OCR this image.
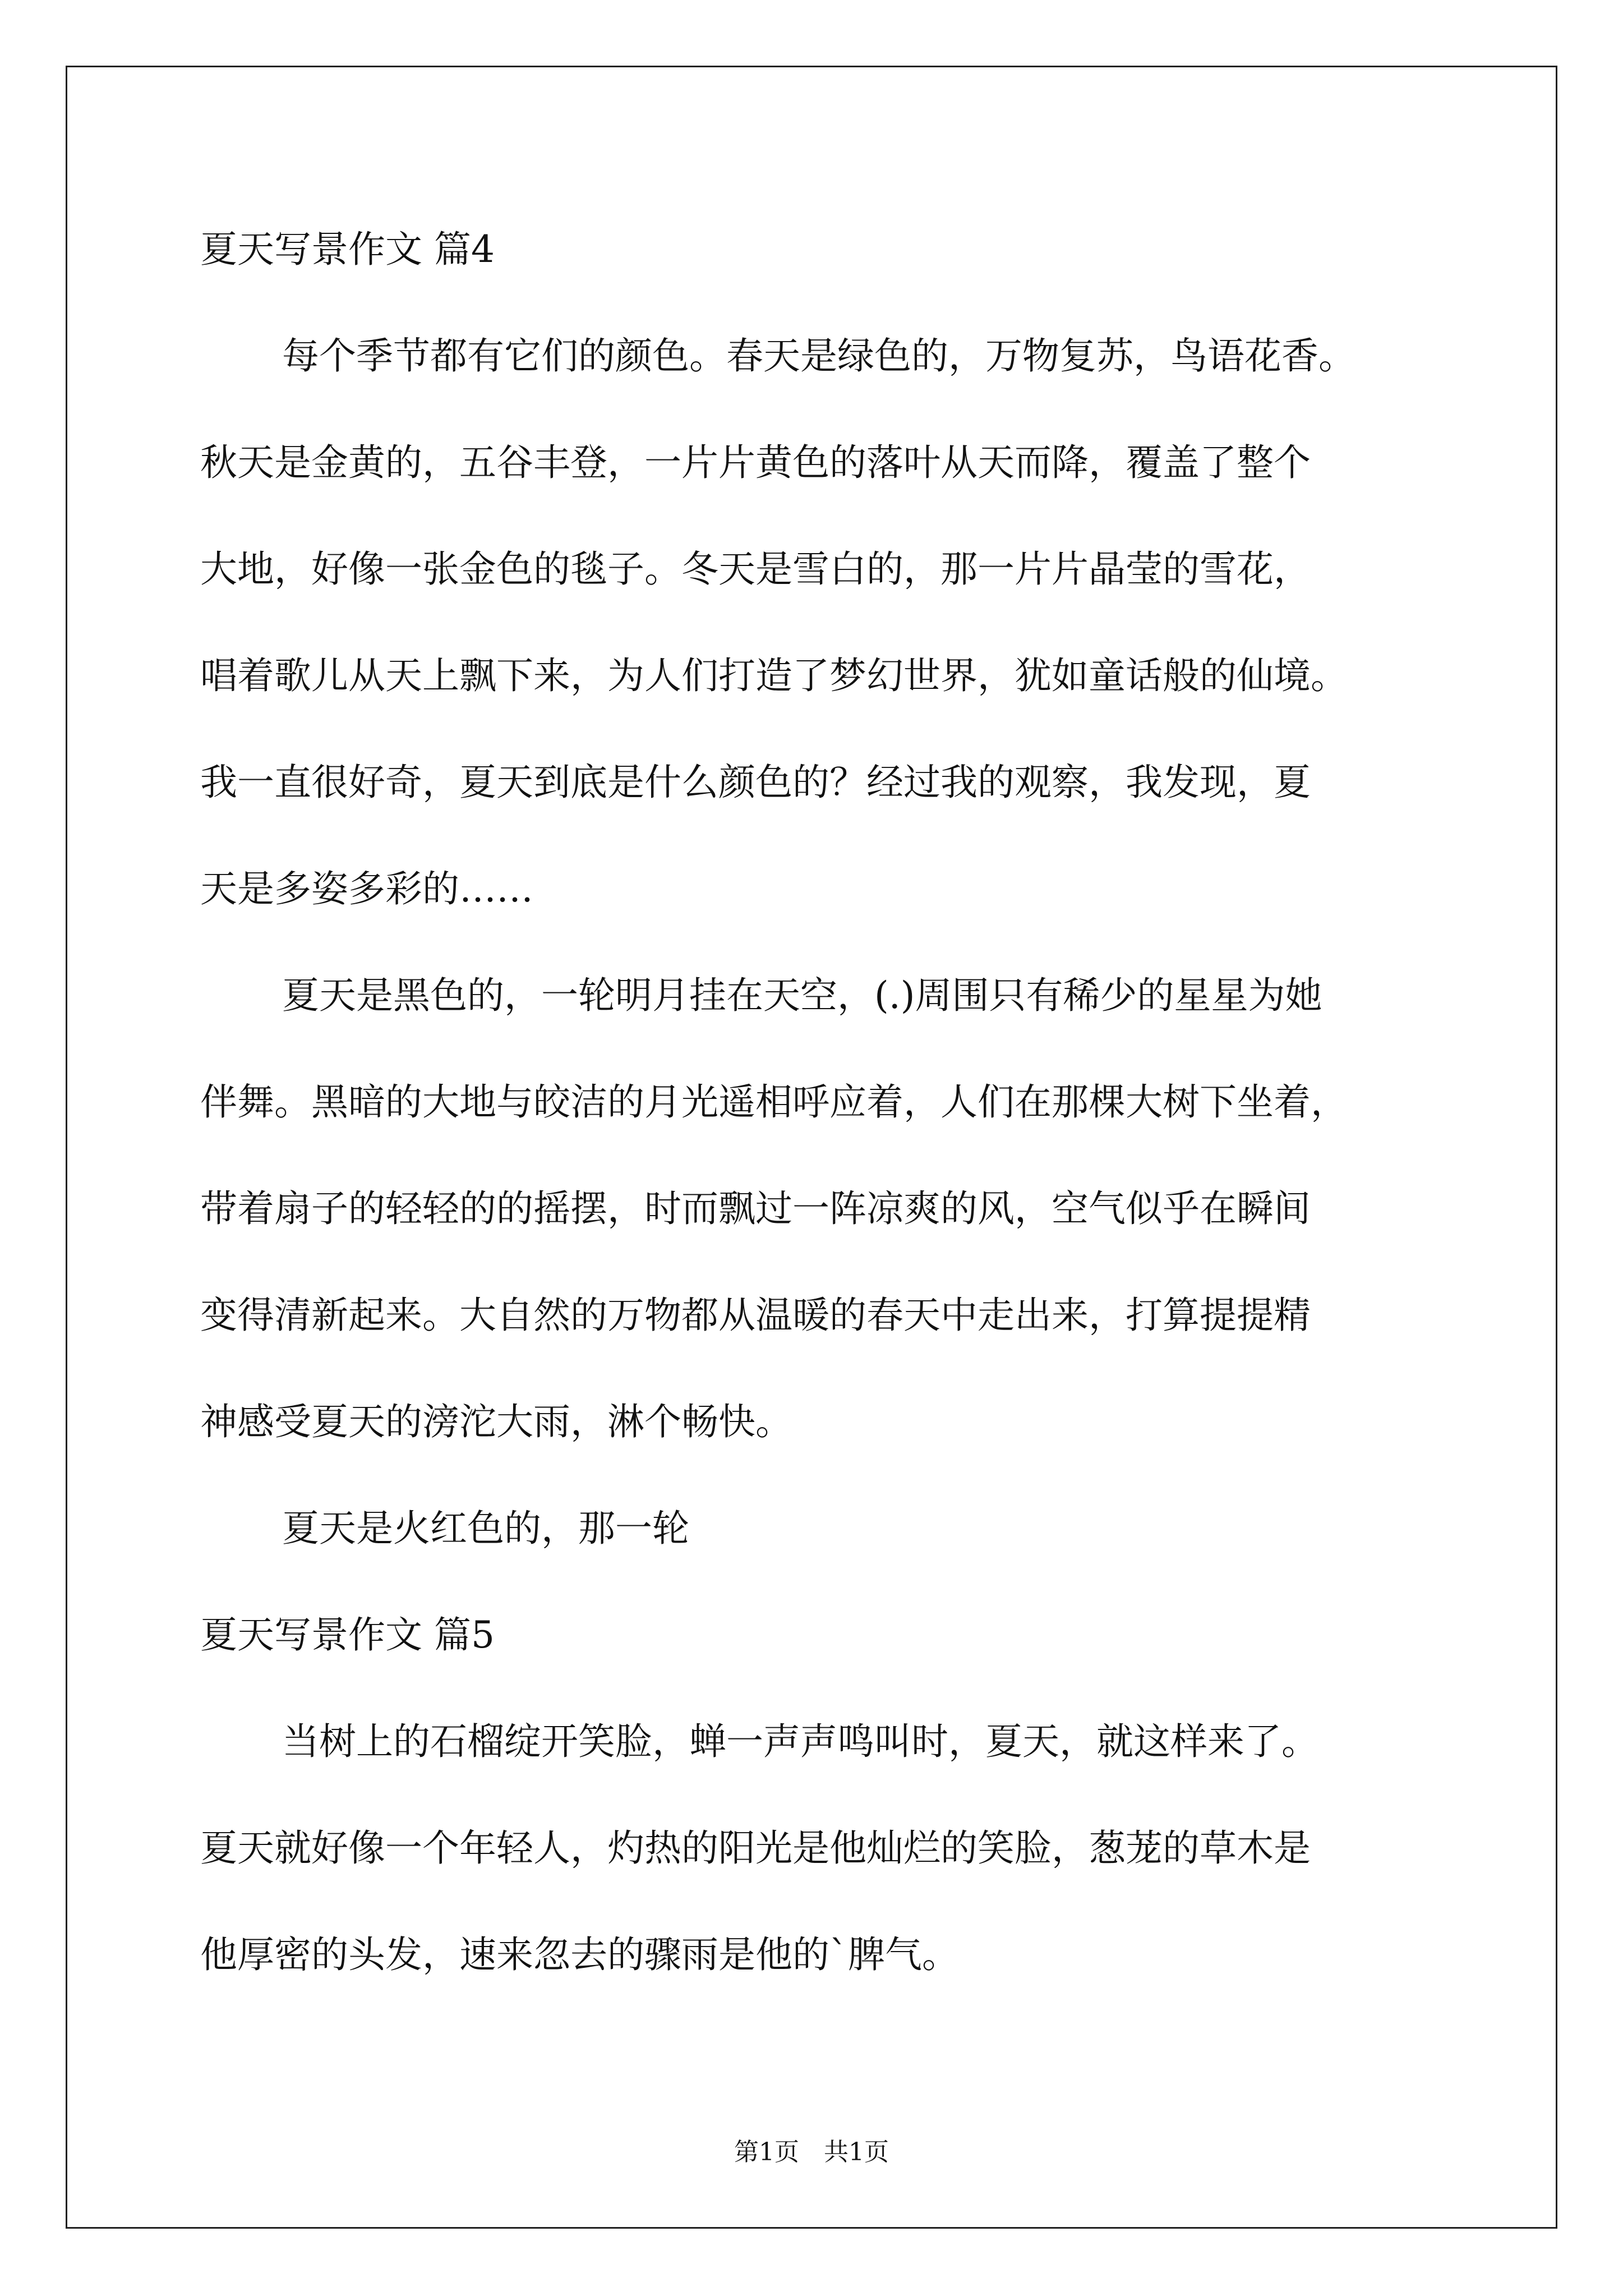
夏天写景作文 篇4

每个季节都有它们的颜色。春天是绿色的，万物复苏，鸟语花香。

秋天是金黄的，五谷丰登，一片片黄色的落叶从天而降，覆盖了整个

大地，好像一张金色的毯子。冬天是雪白的，那一片片晶莹的雪花，

唱着歌儿从天上飘下来，为人们打造了梦幻世界，犹如童话般的仙境。

我一直很好奇，夏天到底是什么颜色的？经过我的观察，我发现，夏

天是多姿多彩的……

夏天是黑色的，一轮明月挂在天空，(.)周围只有稀少的星星为她

伴舞。黑暗的大地与皎洁的月光遥相呼应着，人们在那棵大树下坐着，

带着扇子的轻轻的的摇摆，时而飘过一阵凉爽的风，空气似乎在瞬间

变得清新起来。大自然的万物都从温暖的春天中走出来，打算提提精

神感受夏天的滂沱大雨，淋个畅快。

夏天是火红色的，那一轮

夏天写景作文 篇5

当树上的石榴绽开笑脸，蝉一声声鸣叫时，夏天，就这样来了。

夏天就好像一个年轻人，灼热的阳光是他灿烂的笑脸，葱茏的草木是

他厚密的头发，速来忽去的骤雨是他的`脾气。

第1页　共1页
